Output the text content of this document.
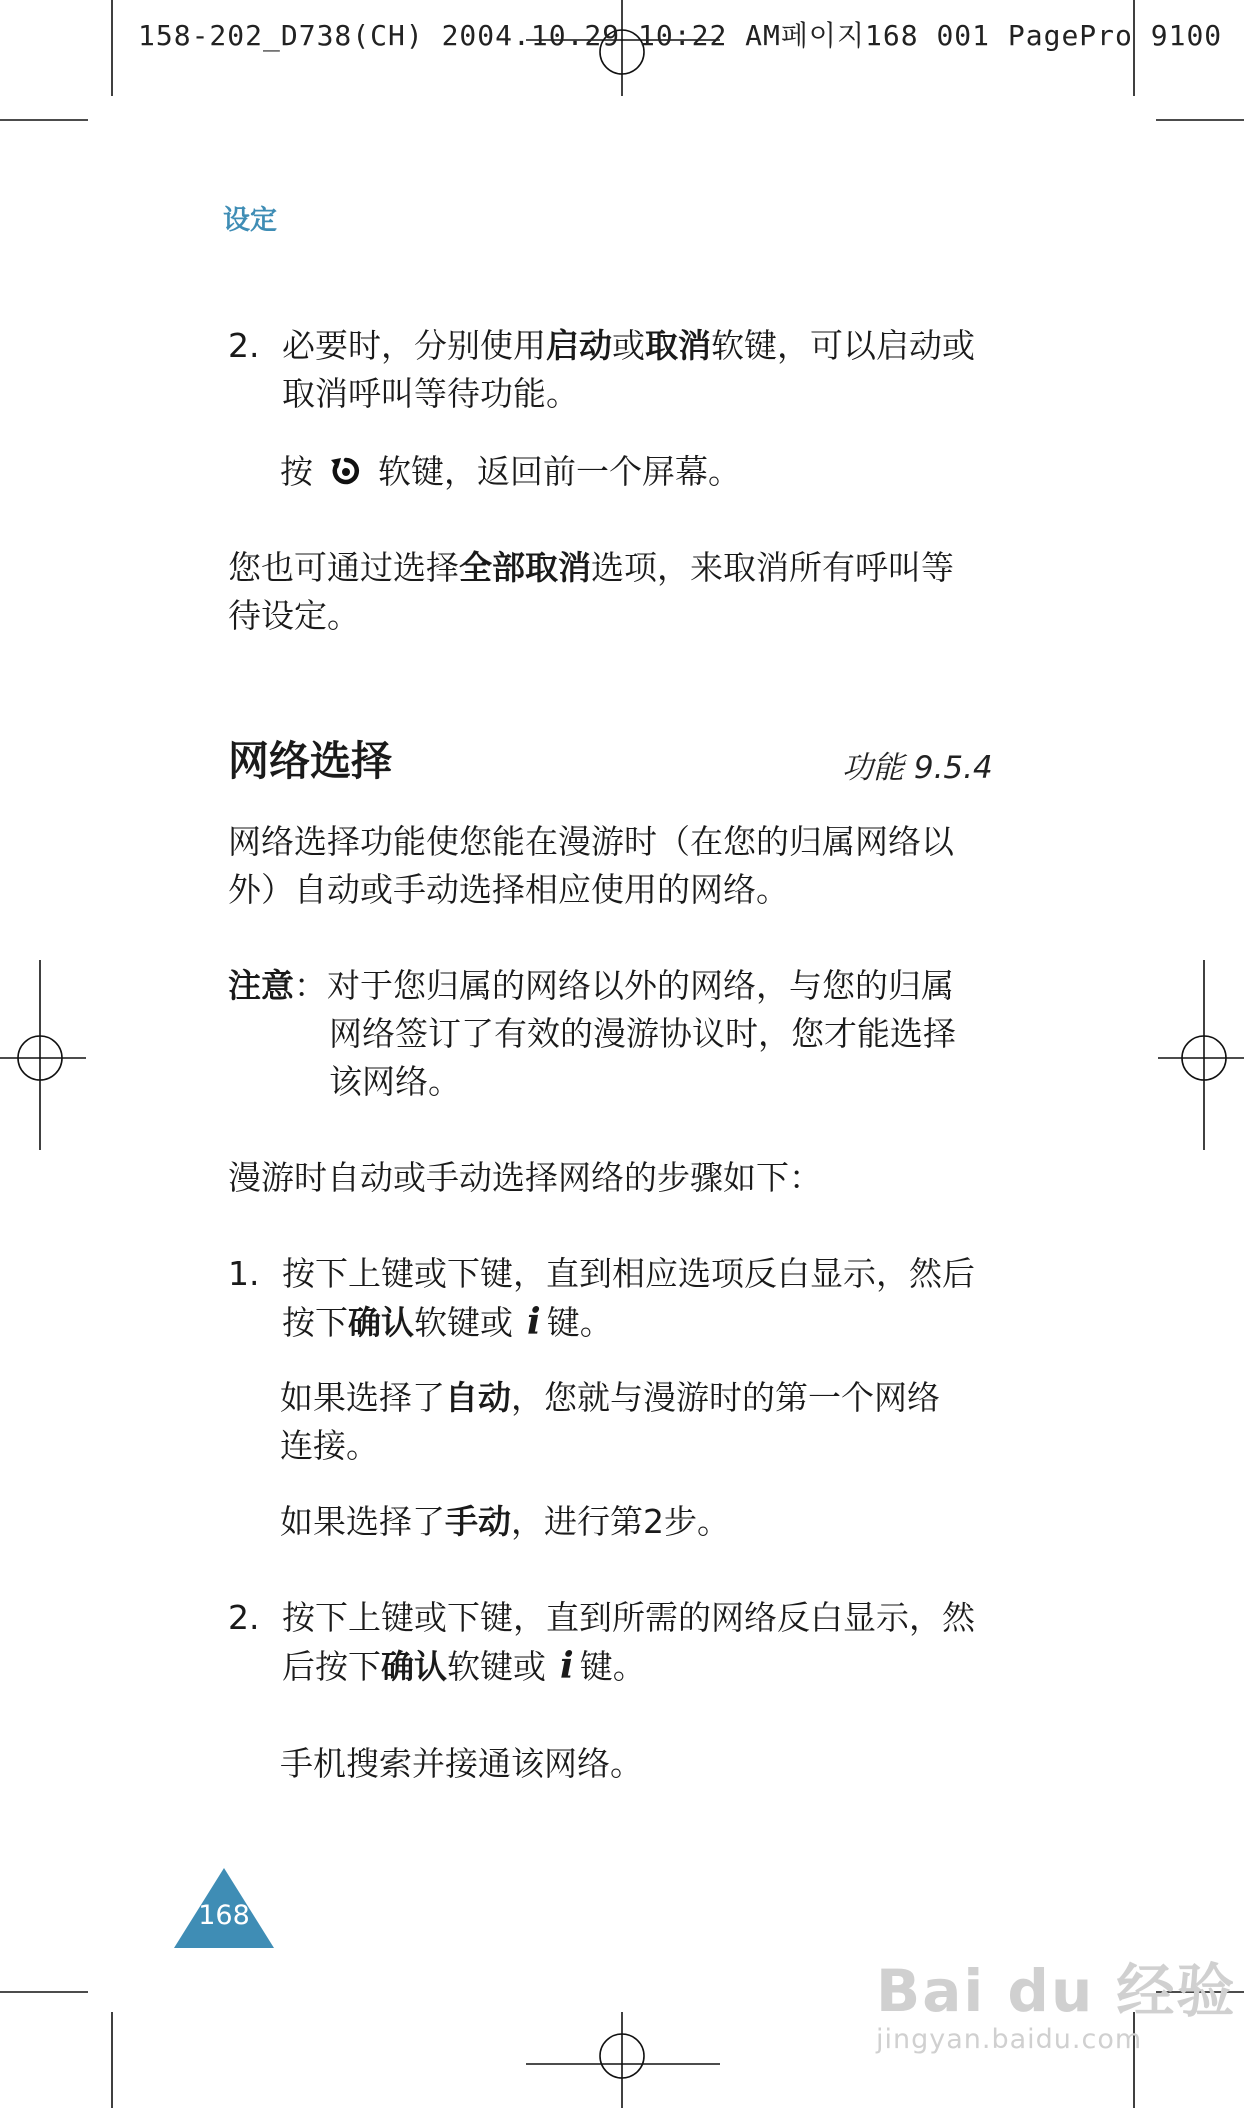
158-202_D738(CH) 2004.10.29 10:22 AM페이지168 001 PagePro 9100
设定
2. 必要时，分别使用启动或取消软键，可以启动或
取消呼叫等待功能。
按 软键，返回前一个屏幕。
您也可通过选择全部取消选项，来取消所有呼叫等
待设定。
网络选择	功能 9.5.4
网络选择功能使您能在漫游时（在您的归属网络以
外）自动或手动选择相应使用的网络。
注意：对于您归属的网络以外的网络，与您的归属
网络签订了有效的漫游协议时，您才能选择
该网络。
漫游时自动或手动选择网络的步骤如下：
1. 按下上键或下键，直到相应选项反白显示，然后
按下确认软键或 i 键。
如果选择了自动，您就与漫游时的第一个网络
连接。
如果选择了手动，进行第2步。
2. 按下上键或下键，直到所需的网络反白显示，然
后按下确认软键或 i 键。
手机搜索并接通该网络。
168
Bai du 经验
jingyan.baidu.com
